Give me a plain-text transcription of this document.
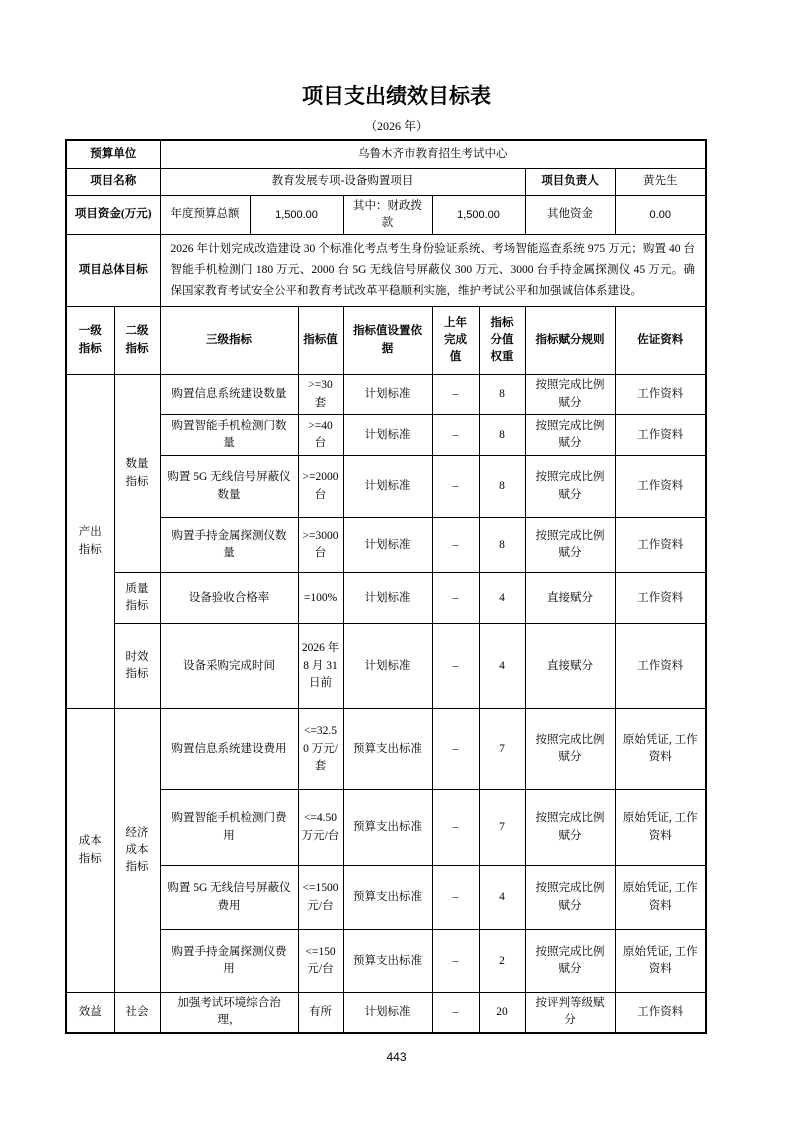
项目支出绩效目标表
（2026 年）
预算单位		乌鲁木齐市教育招生考试中心							
项目名称		教育发展专项-设备购置项目						项目负责人	黄先生
项目资金(万元)		年度预算总额	1,500.00		其中：财政拨款	1,500.00		其他资金	0.00
项目总体目标		2026 年计划完成改造建设 30 个标准化考点考生身份验证系统、考场智能巡查系统 975 万元；购置 40 台智能手机检测门 180 万元、2000 台 5G 无线信号屏蔽仪 300 万元、3000 台手持金属探测仪 45 万元。确保国家教育考试安全公平和教育考试改革平稳顺利实施，维护考试公平和加强诚信体系建设。							
一级指标	二级指标	三级指标		指标值	指标值设置依据	上年完成值	指标分值权重	指标赋分规则	佐证资料
产出指标	数量指标	购置信息系统建设数量		>=30 套	计划标准	–	8	按照完成比例赋分	工作资料
		购置智能手机检测门数量		>=40 台	计划标准	–	8	按照完成比例赋分	工作资料
		购置 5G 无线信号屏蔽仪数量		>=2000 台	计划标准	–	8	按照完成比例赋分	工作资料
		购置手持金属探测仪数量		>=3000 台	计划标准	–	8	按照完成比例赋分	工作资料
	质量指标	设备验收合格率		=100%	计划标准	–	4	直接赋分	工作资料
	时效指标	设备采购完成时间		2026 年 8 月 31 日前	计划标准	–	4	直接赋分	工作资料
成本指标	经济成本指标	购置信息系统建设费用		<=32.50 万元/套	预算支出标准	–	7	按照完成比例赋分	原始凭证, 工作资料
		购置智能手机检测门费用		<=4.50 万元/台	预算支出标准	–	7	按照完成比例赋分	原始凭证, 工作资料
		购置 5G 无线信号屏蔽仪费用		<=1500 元/台	预算支出标准	–	4	按照完成比例赋分	原始凭证, 工作资料
		购置手持金属探测仪费用		<=150 元/台	预算支出标准	–	2	按照完成比例赋分	原始凭证, 工作资料
效益	社会	加强考试环境综合治理，		有所	计划标准	–	20	按评判等级赋分	工作资料
443
